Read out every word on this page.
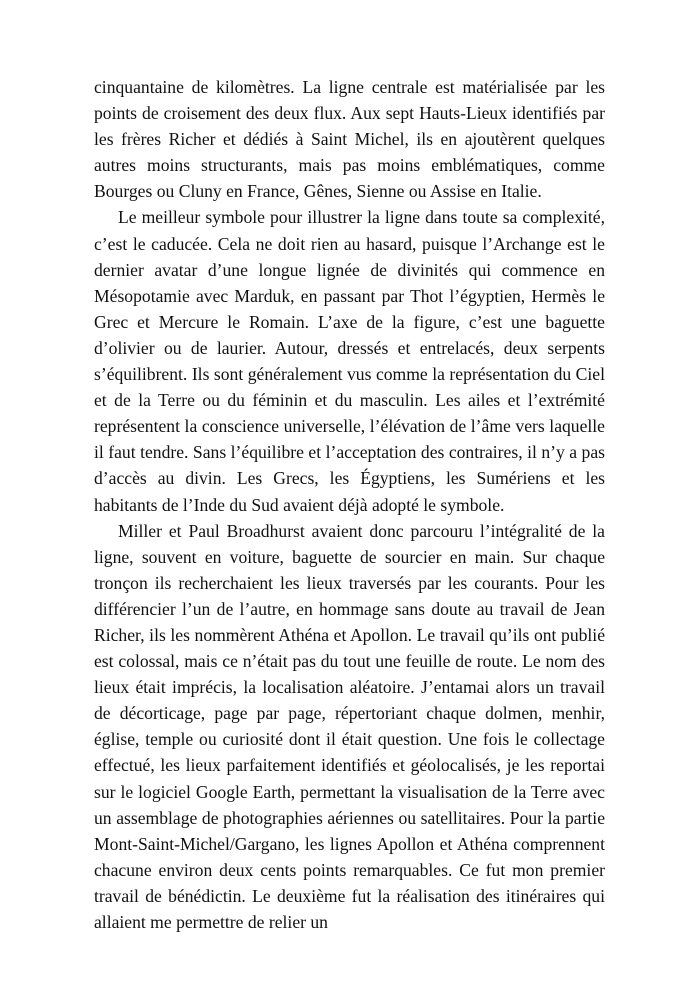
cinquantaine de kilomètres. La ligne centrale est matérialisée par les points de croisement des deux flux. Aux sept Hauts-Lieux identifiés par les frères Richer et dédiés à Saint Michel, ils en ajoutèrent quelques autres moins structurants, mais pas moins emblématiques, comme Bourges ou Cluny en France, Gênes, Sienne ou Assise en Italie.

Le meilleur symbole pour illustrer la ligne dans toute sa complexité, c’est le caducée. Cela ne doit rien au hasard, puisque l’Archange est le dernier avatar d’une longue lignée de divinités qui commence en Mésopotamie avec Marduk, en passant par Thot l’égyptien, Hermès le Grec et Mercure le Romain. L’axe de la figure, c’est une baguette d’olivier ou de laurier. Autour, dressés et entrelacés, deux serpents s’équilibrent. Ils sont généralement vus comme la représentation du Ciel et de la Terre ou du féminin et du masculin. Les ailes et l’extrémité représentent la conscience universelle, l’élévation de l’âme vers laquelle il faut tendre. Sans l’équilibre et l’acceptation des contraires, il n’y a pas d’accès au divin. Les Grecs, les Égyptiens, les Sumériens et les habitants de l’Inde du Sud avaient déjà adopté le symbole.

Miller et Paul Broadhurst avaient donc parcouru l’intégralité de la ligne, souvent en voiture, baguette de sourcier en main. Sur chaque tronçon ils recherchaient les lieux traversés par les courants. Pour les différencier l’un de l’autre, en hommage sans doute au travail de Jean Richer, ils les nommèrent Athéna et Apollon. Le travail qu’ils ont publié est colossal, mais ce n’était pas du tout une feuille de route. Le nom des lieux était imprécis, la localisation aléatoire. J’entamai alors un travail de décorticage, page par page, répertoriant chaque dolmen, menhir, église, temple ou curiosité dont il était question. Une fois le collectage effectué, les lieux parfaitement identifiés et géolocalisés, je les reportai sur le logiciel Google Earth, permettant la visualisation de la Terre avec un assemblage de photographies aériennes ou satellitaires. Pour la partie Mont-Saint-Michel/Gargano, les lignes Apollon et Athéna comprennent chacune environ deux cents points remarquables. Ce fut mon premier travail de bénédictin. Le deuxième fut la réalisation des itinéraires qui allaient me permettre de relier un
